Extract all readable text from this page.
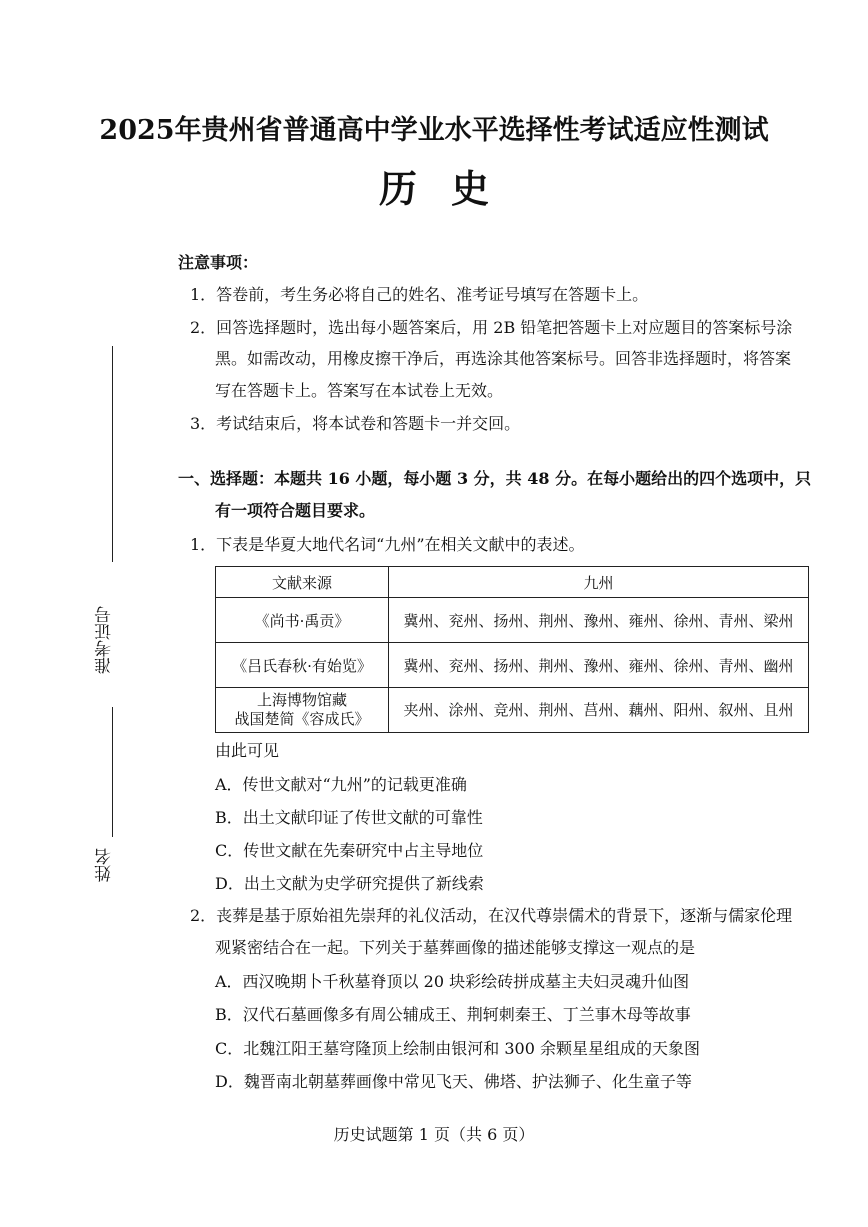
2025年贵州省普通高中学业水平选择性考试适应性测试
历史
准考证号
姓名
注意事项：
1．答卷前，考生务必将自己的姓名、准考证号填写在答题卡上。
2．回答选择题时，选出每小题答案后，用 2B 铅笔把答题卡上对应题目的答案标号涂
黑。如需改动，用橡皮擦干净后，再选涂其他答案标号。回答非选择题时，将答案
写在答题卡上。答案写在本试卷上无效。
3．考试结束后，将本试卷和答题卡一并交回。
一、选择题：本题共 16 小题，每小题 3 分，共 48 分。在每小题给出的四个选项中，只
有一项符合题目要求。
1．下表是华夏大地代名词“九州”在相关文献中的表述。
文献来源	九州
《尚书·禹贡》	冀州、兖州、扬州、荆州、豫州、雍州、徐州、青州、梁州
《吕氏春秋·有始览》	冀州、兖州、扬州、荆州、豫州、雍州、徐州、青州、幽州
上海博物馆藏
战国楚简《容成氏》	夹州、涂州、竞州、荆州、莒州、藕州、阳州、叙州、且州
由此可见
A．传世文献对“九州”的记载更准确
B．出土文献印证了传世文献的可靠性
C．传世文献在先秦研究中占主导地位
D．出土文献为史学研究提供了新线索
2．丧葬是基于原始祖先崇拜的礼仪活动，在汉代尊崇儒术的背景下，逐渐与儒家伦理
观紧密结合在一起。下列关于墓葬画像的描述能够支撑这一观点的是
A．西汉晚期卜千秋墓脊顶以 20 块彩绘砖拼成墓主夫妇灵魂升仙图
B．汉代石墓画像多有周公辅成王、荆轲刺秦王、丁兰事木母等故事
C．北魏江阳王墓穹隆顶上绘制由银河和 300 余颗星星组成的天象图
D．魏晋南北朝墓葬画像中常见飞天、佛塔、护法狮子、化生童子等
历史试题第 1 页（共 6 页）
